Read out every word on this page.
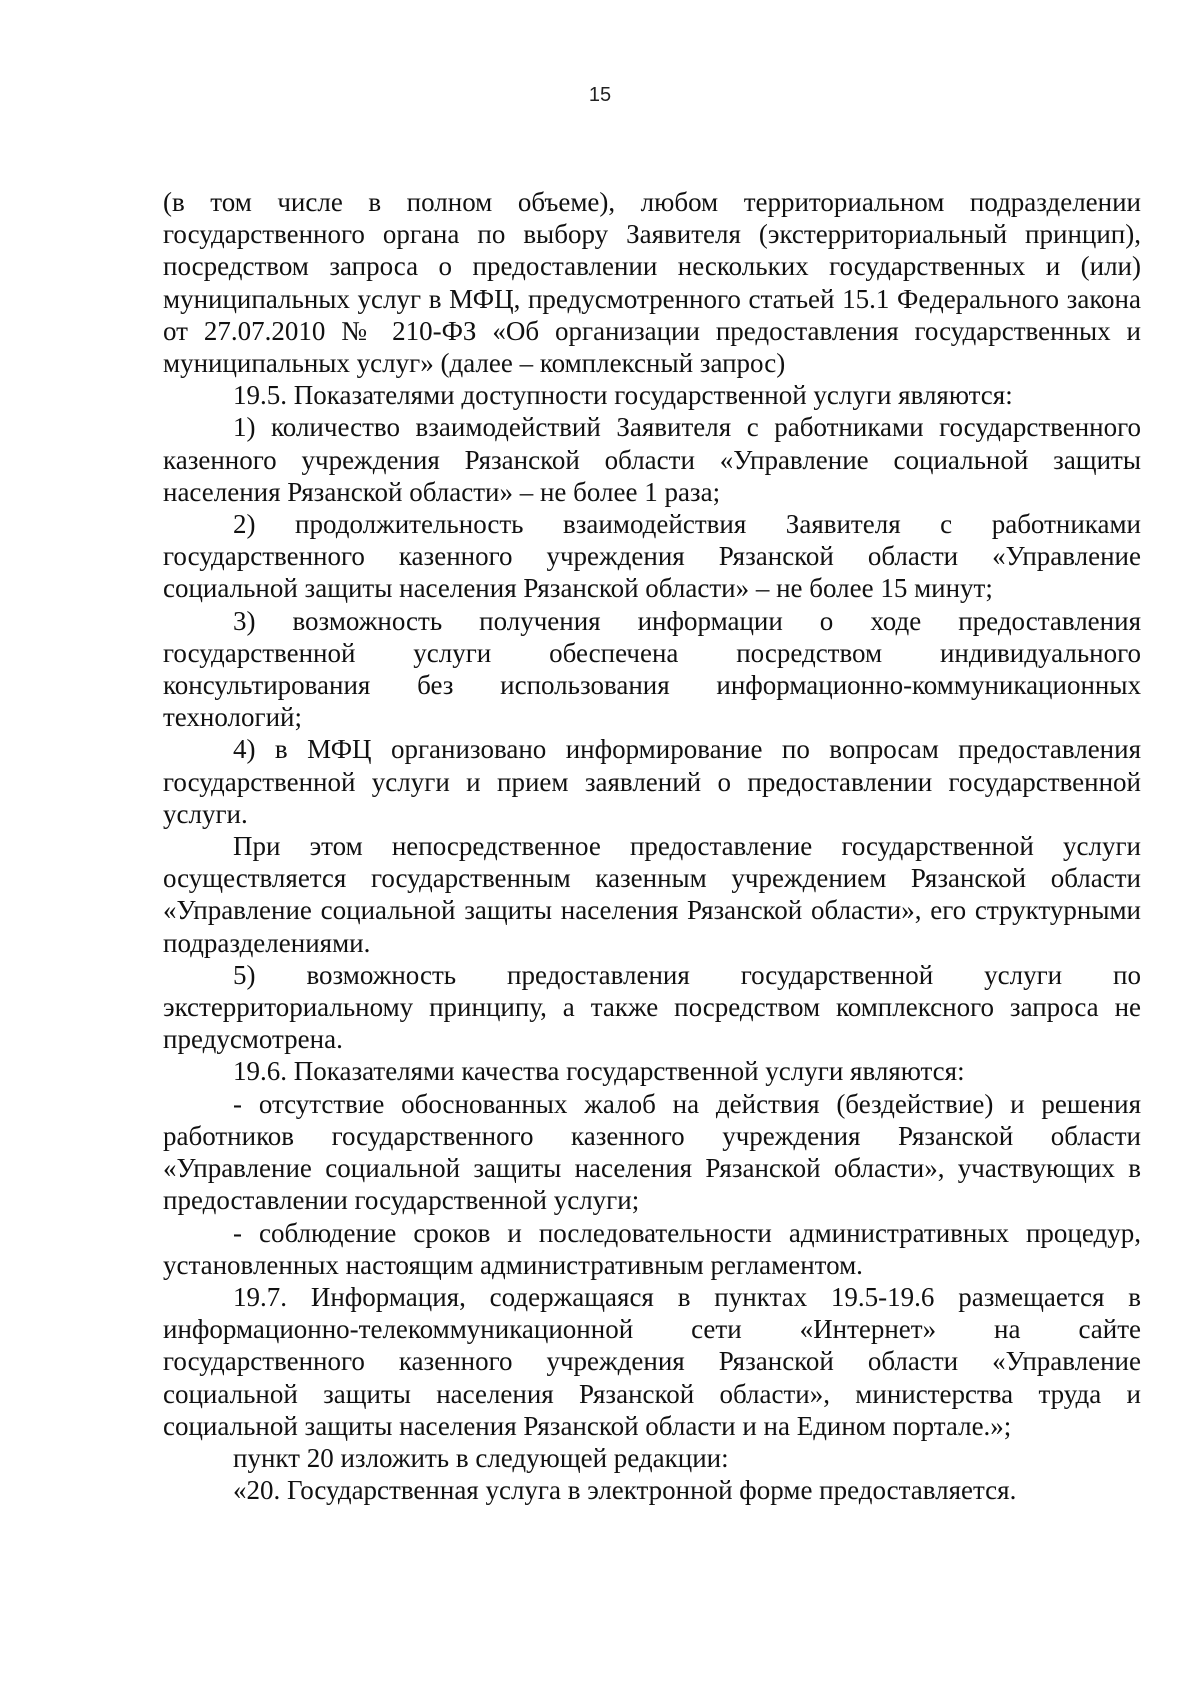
15

(в том числе в полном объеме), любом территориальном подразделении государственного органа по выбору Заявителя (экстерриториальный принцип), посредством запроса о предоставлении нескольких государственных и (или) муниципальных услуг в МФЦ, предусмотренного статьей 15.1 Федерального закона от 27.07.2010 № 210-ФЗ «Об организации предоставления государственных и муниципальных услуг» (далее – комплексный запрос)

19.5. Показателями доступности государственной услуги являются:

1) количество взаимодействий Заявителя с работниками государственного казенного учреждения Рязанской области «Управление социальной защиты населения Рязанской области» – не более 1 раза;

2) продолжительность взаимодействия Заявителя с работниками государственного казенного учреждения Рязанской области «Управление социальной защиты населения Рязанской области» – не более 15 минут;

3) возможность получения информации о ходе предоставления государственной услуги обеспечена посредством индивидуального консультирования без использования информационно-коммуникационных технологий;

4) в МФЦ организовано информирование по вопросам предоставления государственной услуги и прием заявлений о предоставлении государственной услуги.

При этом непосредственное предоставление государственной услуги осуществляется государственным казенным учреждением Рязанской области «Управление социальной защиты населения Рязанской области», его структурными подразделениями.

5) возможность предоставления государственной услуги по экстерриториальному принципу, а также посредством комплексного запроса не предусмотрена.

19.6. Показателями качества государственной услуги являются:

- отсутствие обоснованных жалоб на действия (бездействие) и решения работников государственного казенного учреждения Рязанской области «Управление социальной защиты населения Рязанской области», участвующих в предоставлении государственной услуги;

- соблюдение сроков и последовательности административных процедур, установленных настоящим административным регламентом.

19.7. Информация, содержащаяся в пунктах 19.5-19.6 размещается в информационно-телекоммуникационной сети «Интернет» на сайте государственного казенного учреждения Рязанской области «Управление социальной защиты населения Рязанской области», министерства труда и социальной защиты населения Рязанской области и на Едином портале.»;

пункт 20 изложить в следующей редакции:

«20. Государственная услуга в электронной форме предоставляется.
